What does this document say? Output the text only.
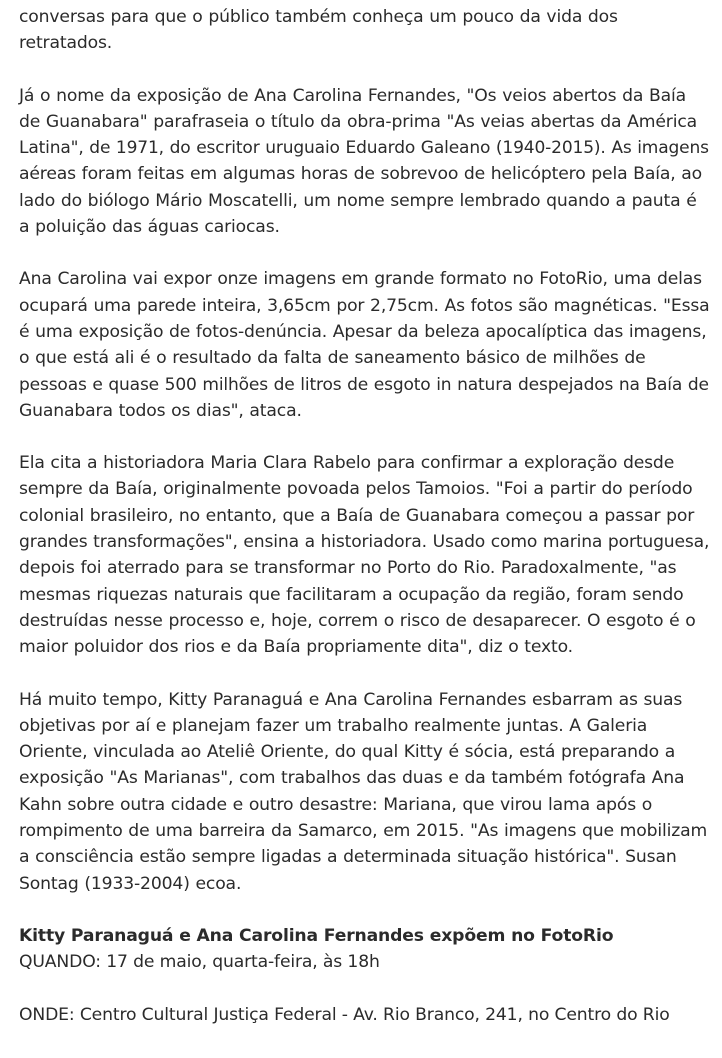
conversas para que o público também conheça um pouco da vida dos
retratados.
Já o nome da exposição de Ana Carolina Fernandes, "Os veios abertos da Baía
de Guanabara" parafraseia o título da obra-prima "As veias abertas da América
Latina", de 1971, do escritor uruguaio Eduardo Galeano (1940-2015). As imagens
aéreas foram feitas em algumas horas de sobrevoo de helicóptero pela Baía, ao
lado do biólogo Mário Moscatelli, um nome sempre lembrado quando a pauta é
a poluição das águas cariocas.
Ana Carolina vai expor onze imagens em grande formato no FotoRio, uma delas
ocupará uma parede inteira, 3,65cm por 2,75cm. As fotos são magnéticas. "Essa
é uma exposição de fotos-denúncia. Apesar da beleza apocalíptica das imagens,
o que está ali é o resultado da falta de saneamento básico de milhões de
pessoas e quase 500 milhões de litros de esgoto in natura despejados na Baía de
Guanabara todos os dias", ataca.
Ela cita a historiadora Maria Clara Rabelo para confirmar a exploração desde
sempre da Baía, originalmente povoada pelos Tamoios. "Foi a partir do período
colonial brasileiro, no entanto, que a Baía de Guanabara começou a passar por
grandes transformações", ensina a historiadora. Usado como marina portuguesa,
depois foi aterrado para se transformar no Porto do Rio. Paradoxalmente, "as
mesmas riquezas naturais que facilitaram a ocupação da região, foram sendo
destruídas nesse processo e, hoje, correm o risco de desaparecer. O esgoto é o
maior poluidor dos rios e da Baía propriamente dita", diz o texto.
Há muito tempo, Kitty Paranaguá e Ana Carolina Fernandes esbarram as suas
objetivas por aí e planejam fazer um trabalho realmente juntas. A Galeria
Oriente, vinculada ao Ateliê Oriente, do qual Kitty é sócia, está preparando a
exposição "As Marianas", com trabalhos das duas e da também fotógrafa Ana
Kahn sobre outra cidade e outro desastre: Mariana, que virou lama após o
rompimento de uma barreira da Samarco, em 2015. "As imagens que mobilizam
a consciência estão sempre ligadas a determinada situação histórica". Susan
Sontag (1933-2004) ecoa.
Kitty Paranaguá e Ana Carolina Fernandes expõem no FotoRio
QUANDO: 17 de maio, quarta-feira, às 18h
ONDE: Centro Cultural Justiça Federal - Av. Rio Branco, 241, no Centro do Rio
